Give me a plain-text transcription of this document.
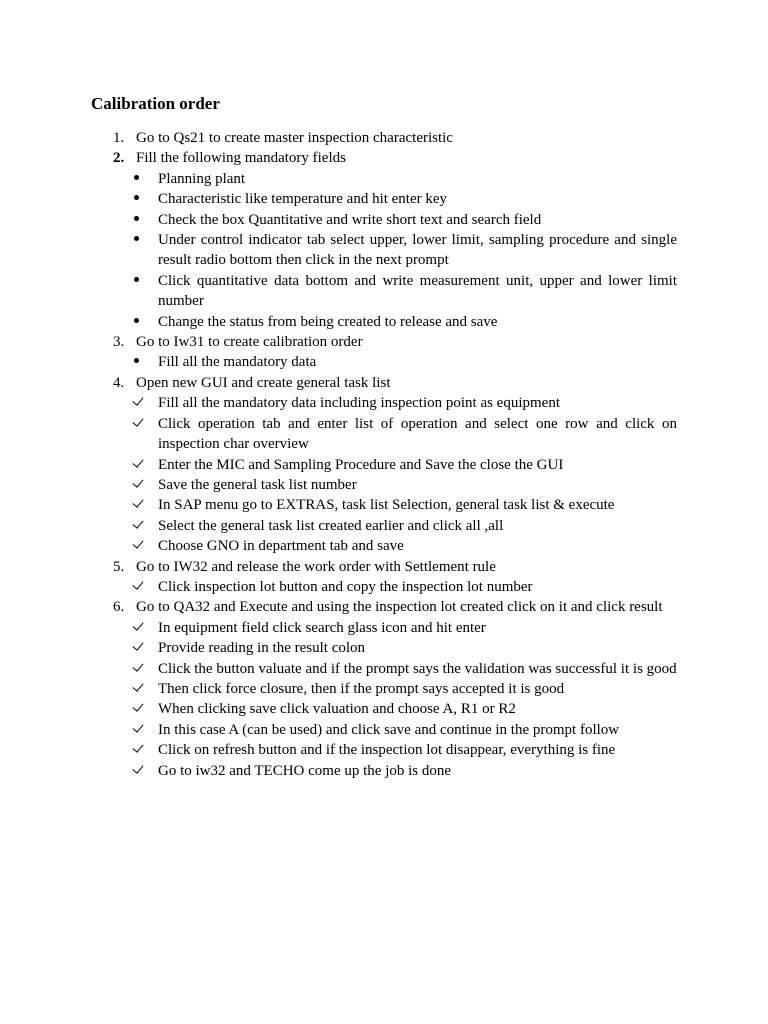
Calibration order
1. Go to Qs21 to create master inspection characteristic
2. Fill the following mandatory fields
Planning plant
Characteristic like temperature and hit enter key
Check the box Quantitative and write short text and search field
Under control indicator tab select upper, lower limit, sampling procedure and single result radio bottom then click in the next prompt
Click quantitative data bottom and write measurement unit, upper and lower limit number
Change the status from being created to release and save
3. Go to Iw31 to create calibration order
Fill all the mandatory data
4. Open new GUI and create general task list
Fill all the mandatory data including inspection point as equipment
Click operation tab and enter list of operation and select one row and click on inspection char overview
Enter the MIC and Sampling Procedure and Save the close the GUI
Save the general task list number
In SAP menu go to EXTRAS, task list Selection, general task list & execute
Select the general task list created earlier and click all ,all
Choose GNO in department tab and save
5. Go to IW32 and release the work order with Settlement rule
Click inspection lot button and copy the inspection lot number
6. Go to QA32 and Execute and using the inspection lot created click on it and click result
In equipment field click search glass icon and hit enter
Provide reading in the result colon
Click the button valuate and if the prompt says the validation was successful it is good
Then click force closure, then if the prompt says accepted it is good
When clicking save click valuation and choose A, R1 or R2
In this case A (can be used) and click save and continue in the prompt follow
Click on refresh button and if the inspection lot disappear, everything is fine
Go to iw32 and TECHO come up the job is done
